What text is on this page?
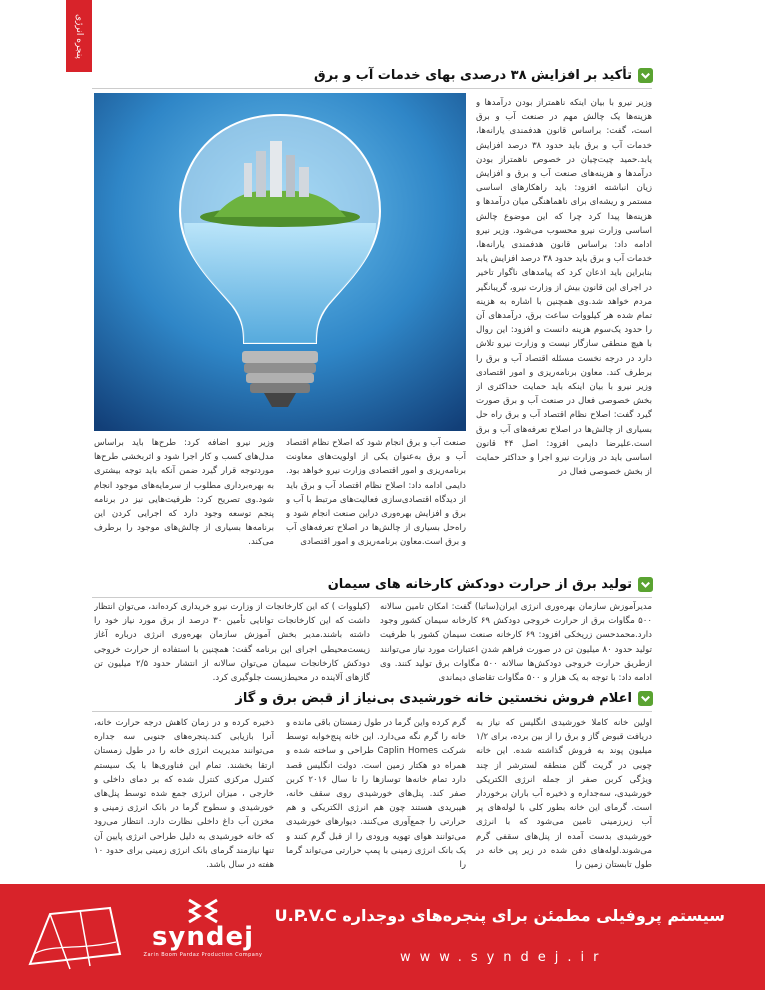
پنجره انرژی
تأکید بر افزایش ۳۸ درصدی بهای خدمات آب و برق
وزیر نیرو با بیان اینکه ناهمتراز بودن درآمدها و هزینه‌ها یک چالش مهم در صنعت آب و برق است، گفت: براساس قانون هدفمندی یارانه‌ها، خدمات آب و برق باید حدود ۳۸ درصد افزایش یابد.حمید چیت‌چیان در خصوص ناهمتراز بودن درآمدها و هزینه‌های صنعت آب و برق و افزایش زیان انباشته افزود: باید راهکارهای اساسی مستمر و ریشه‌ای برای ناهماهنگی میان درآمدها و هزینه‌ها پیدا کرد چرا که این موضوع چالش اساسی وزارت نیرو محسوب می‌شود. وزیر نیرو ادامه داد: براساس قانون هدفمندی یارانه‌ها، خدمات آب و برق باید حدود ۳۸ درصد افزایش یابد بنابراین باید اذعان کرد که پیامدهای ناگوار تاخیر در اجرای این قانون بیش از وزارت نیرو، گریبانگیر مردم خواهد شد.وی همچنین با اشاره به هزینه تمام شده هر کیلووات ساعت برق، درآمدهای آن را حدود یک‌سوم هزینه دانست و افزود: این روال با هیچ منطقی سازگار نیست و وزارت نیرو تلاش دارد در درجه نخست مسئله اقتصاد آب و برق را برطرف کند. معاون برنامه‌ریزی و امور اقتصادی وزیر نیرو با بیان اینکه باید حمایت حداکثری از بخش خصوصی فعال در صنعت آب و برق صورت گیرد گفت: اصلاح نظام اقتصاد آب و برق راه حل بسیاری از چالش‌ها در اصلاح تعرفه‌های آب و برق است.علیرضا دایمی افزود: اصل ۴۴ قانون اساسی باید در وزارت نیرو اجرا و حداکثر حمایت از بخش خصوصی فعال در
صنعت آب و برق انجام شود که اصلاح نظام اقتصاد آب و برق به‌عنوان یکی از اولویت‌های معاونت برنامه‌ریزی و امور اقتصادی وزارت نیرو خواهد بود. دایمی ادامه داد: اصلاح نظام اقتصاد آب و برق باید از دیدگاه اقتصادی‌سازی فعالیت‌های مرتبط با آب و برق و افزایش بهره‌وری دراین صنعت انجام شود و راه‌حل بسیاری از چالش‌ها در اصلاح تعرفه‌های آب و برق است.معاون برنامه‌ریزی و امور اقتصادی
وزیر نیرو اضافه کرد: طرح‌ها باید براساس مدل‌های کسب و کار اجرا شود و اثربخشی طرح‌ها موردتوجه قرار گیرد ضمن آنکه باید توجه بیشتری به بهره‌برداری مطلوب از سرمایه‌های موجود انجام شود.وی تصریح کرد: ظرفیت‌هایی نیز در برنامه پنجم توسعه وجود دارد که اجرایی کردن این برنامه‌ها بسیاری از چالش‌های موجود را برطرف می‌کند.
تولید برق از حرارت دودکش کارخانه های سیمان
مدیرآموزش سازمان بهره‌وری انرژی ایران(ساتبا) گفت: امکان تامین سالانه ۵۰۰ مگاوات برق از حرارت خروجی دودکش ۶۹ کارخانه سیمان کشور وجود دارد.محمدحسن زریخکی افزود: ۶۹ کارخانه صنعت سیمان کشور با ظرفیت تولید حدود ۸۰ میلیون تن در صورت فراهم شدن اعتبارات مورد نیاز می‌توانند ازطریق حرارت خروجی دودکش‌ها سالانه ۵۰۰ مگاوات برق تولید کنند. وی ادامه داد: با توجه به یک هزار و ۵۰۰ مگاوات تقاضای دیماندی
(کیلووات ) که این کارخانجات از وزارت نیرو خریداری کرده‌اند، می‌توان انتظار داشت که این کارخانجات توانایی تأمین ۳۰ درصد از برق مورد نیاز خود را داشته باشند.مدیر بخش آموزش سازمان بهره‌وری انرژی درباره آغاز زیست‌محیطی اجرای این برنامه گفت: همچنین با استفاده از حرارت خروجی دودکش کارخانجات سیمان می‌توان سالانه از انتشار حدود ۲/۵ میلیون تن گازهای آلاینده در محیط‌زیست جلوگیری کرد.
اعلام فروش نخستین خانه خورشیدی بی‌نیاز از قبض برق و گاز
اولین خانه کاملا خورشیدی انگلیس که نیاز به دریافت قبوض گاز و برق را از بین برده، برای ۱/۲ میلیون پوند به فروش گذاشته شده. این خانه چوبی در گریت گلن منطقه لسترشر از چند ویژگی کربن صفر از جمله انرژی الکتریکی خورشیدی، سه‌جداره و ذخیره آب باران برخوردار است. گرمای این خانه بطور کلی با لوله‌های پر آب زیرزمینی تامین می‌شود که با انرژی خورشیدی بدست آمده از پنل‌های سقفی گرم می‌شوند.لوله‌های دفن شده در زیر پی خانه در طول تابستان زمین را
گرم کرده واین گرما در طول زمستان باقی مانده و خانه را گرم نگه می‌دارد. این خانه پنج‌خوابه توسط شرکت Caplin Homes طراحی و ساخته شده و همراه دو هکتار زمین است. دولت انگلیس قصد دارد تمام خانه‌ها توسازها را تا سال ۲۰۱۶ کربن صفر کند. پنل‌های خورشیدی روی سقف خانه، هیبریدی هستند چون هم انرژی الکتریکی و هم حرارتی را جمع‌آوری می‌کنند. دیوارهای خورشیدی می‌توانند هوای تهویه ورودی را از قبل گرم کنند و یک بانک انرژی زمینی با پمپ حرارتی می‌تواند گرما را
ذخیره کرده و در زمان کاهش درجه حرارت خانه، آنرا بازیابی کند.پنجره‌های جنوبی سه جداره می‌توانند مدیریت انرژی خانه را در طول زمستان ارتقا بخشند. تمام این فناوری‌ها با یک سیستم کنترل مرکزی کنترل شده که بر دمای داخلی و خارجی ، میزان انرژی جمع شده توسط پنل‌های خورشیدی و سطوح گرما در بانک انرژی زمینی و مخزن آب داغ داخلی نظارت دارد. انتظار می‌رود که خانه خورشیدی به دلیل طراحی انرژی پایین آن تنها نیازمند گرمای بانک انرژی زمینی برای حدود ۱۰ هفته در سال باشد.
سیستم پروفیلی مطمئن برای پنجره‌های دوجداره U.P.V.C
www.syndej.ir
syndej
Zarin Boom Pardaz Production Company
